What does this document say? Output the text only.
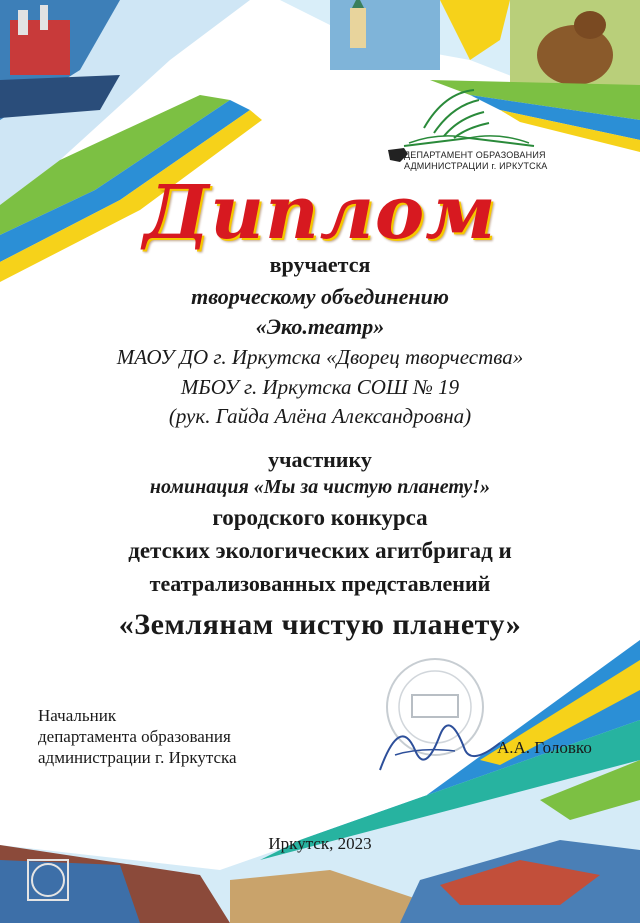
ДЕПАРТАМЕНТ ОБРАЗОВАНИЯ
АДМИНИСТРАЦИИ г. ИРКУТСКА
Диплом
вручается
творческому объединению
«Эко.театр»
МАОУ ДО г. Иркутска «Дворец творчества»
МБОУ г. Иркутска СОШ № 19
(рук. Гайда Алёна Александровна)
участнику
номинация «Мы за чистую планету!»
городского конкурса
детских экологических агитбригад и
театрализованных представлений
«Землянам чистую планету»
Начальник
департамента образования
администрации г. Иркутска
А.А. Головко
Иркутск, 2023
